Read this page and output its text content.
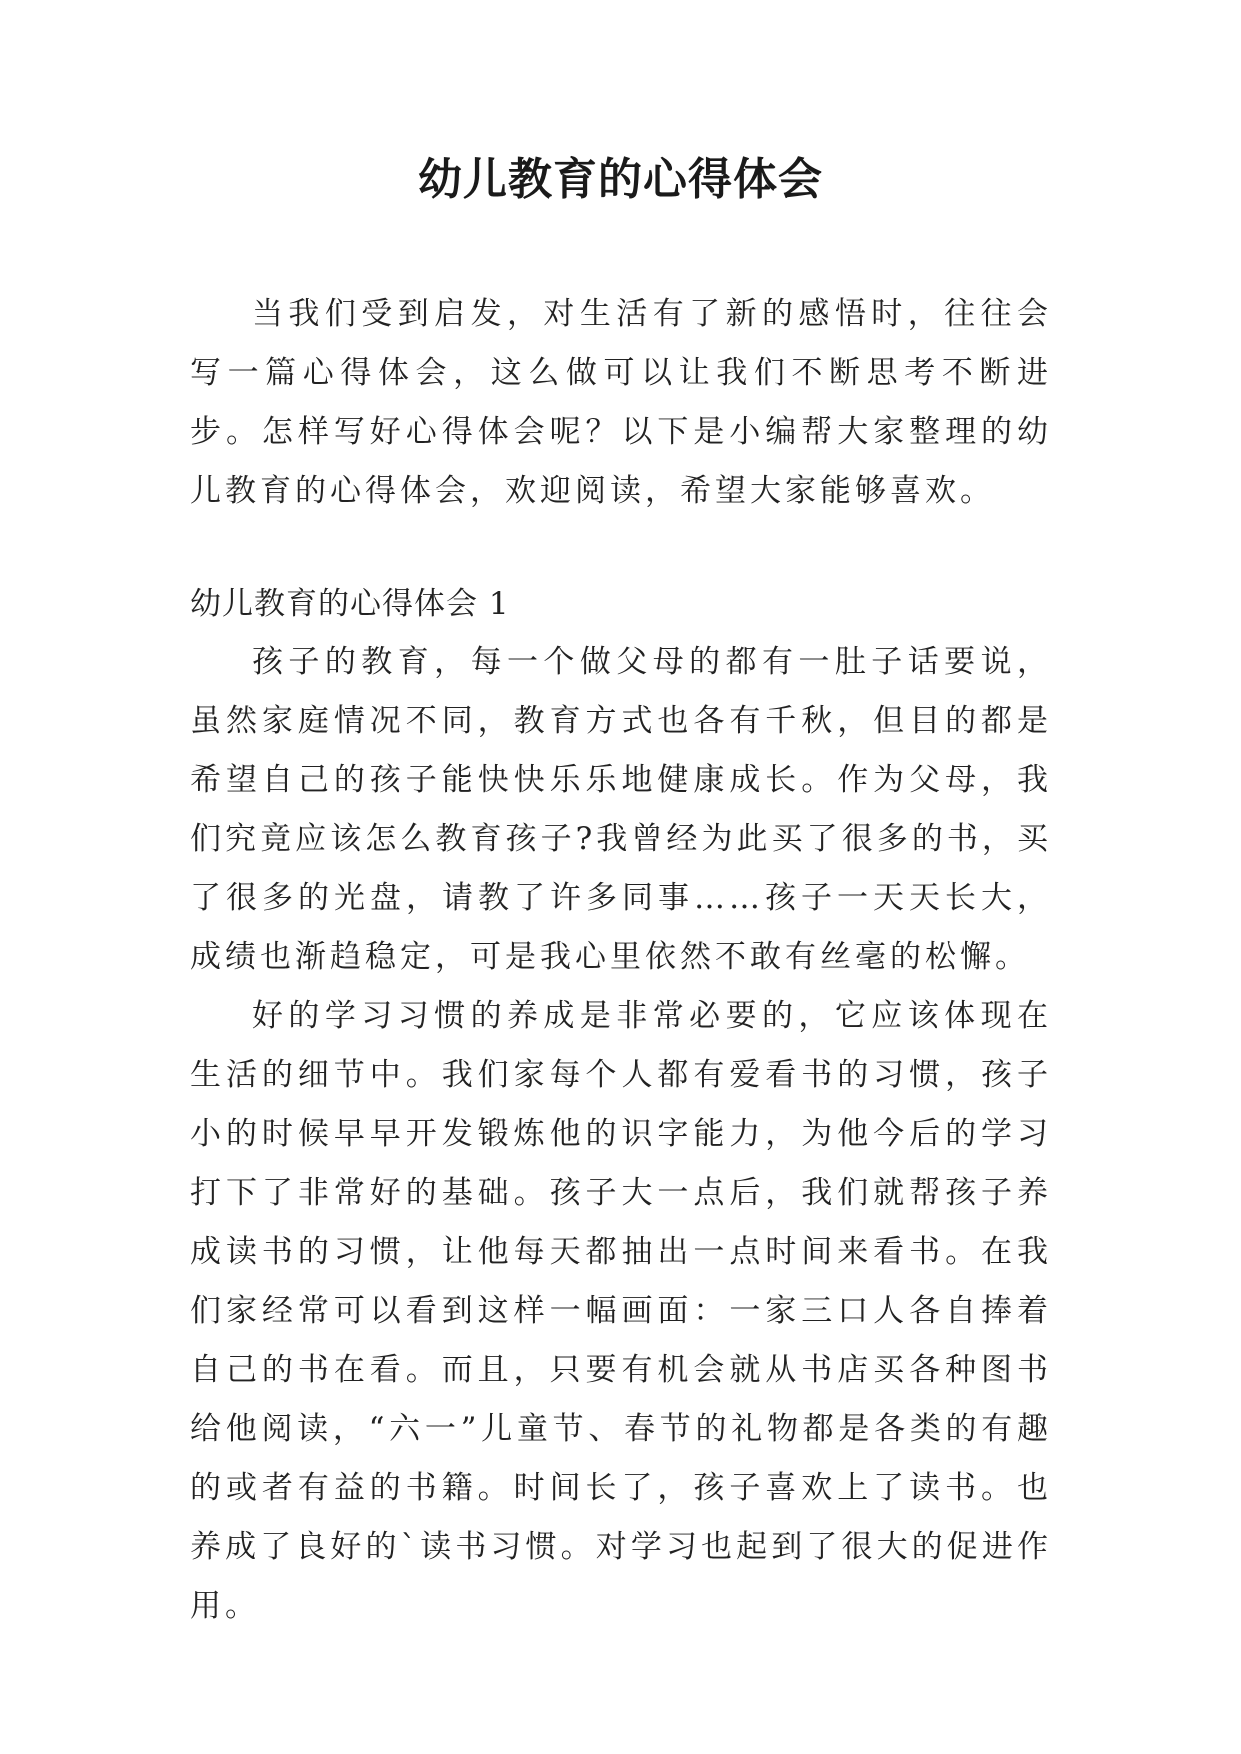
幼儿教育的心得体会

当我们受到启发，对生活有了新的感悟时，往往会写一篇心得体会，这么做可以让我们不断思考不断进步。怎样写好心得体会呢？以下是小编帮大家整理的幼儿教育的心得体会，欢迎阅读，希望大家能够喜欢。

幼儿教育的心得体会 1

孩子的教育，每一个做父母的都有一肚子话要说，虽然家庭情况不同，教育方式也各有千秋，但目的都是希望自己的孩子能快快乐乐地健康成长。作为父母，我们究竟应该怎么教育孩子?我曾经为此买了很多的书，买了很多的光盘，请教了许多同事……孩子一天天长大，成绩也渐趋稳定，可是我心里依然不敢有丝毫的松懈。

好的学习习惯的养成是非常必要的，它应该体现在生活的细节中。我们家每个人都有爱看书的习惯，孩子小的时候早早开发锻炼他的识字能力，为他今后的学习打下了非常好的基础。孩子大一点后，我们就帮孩子养成读书的习惯，让他每天都抽出一点时间来看书。在我们家经常可以看到这样一幅画面：一家三口人各自捧着自己的书在看。而且，只要有机会就从书店买各种图书给他阅读，“六一”儿童节、春节的礼物都是各类的有趣的或者有益的书籍。时间长了，孩子喜欢上了读书。也养成了良好的`读书习惯。对学习也起到了很大的促进作用。
